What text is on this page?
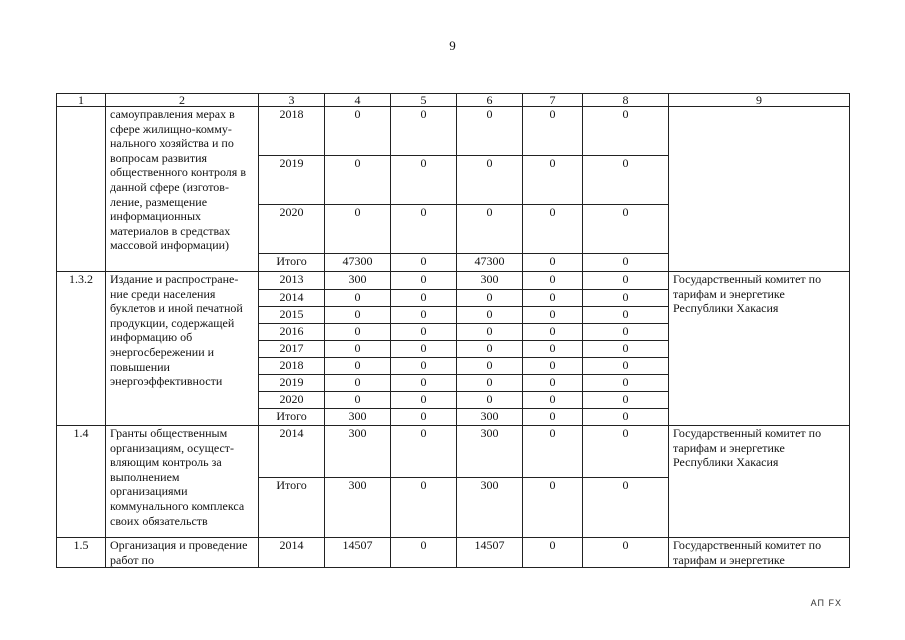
9
1	2	3	4	5	6	7	8	9
	самоуправления мерах в сфере жилищно-комму-нального хозяйства и по вопросам развития общественного контроля в данной сфере (изготов-ление, размещение информационных материалов в средствах массовой информации)	2018	0	0	0	0	0	
		2019	0	0	0	0	0	
		2020	0	0	0	0	0	
		Итого	47300	0	47300	0	0	
1.3.2	Издание и распростране-ние среди населения буклетов и иной печатной продукции, содержащей информацию об энергосбережении и повышении энергоэффективности	2013	300	0	300	0	0	Государственный комитет по тарифам и энергетике Республики Хакасия
		2014	0	0	0	0	0	
		2015	0	0	0	0	0	
		2016	0	0	0	0	0	
		2017	0	0	0	0	0	
		2018	0	0	0	0	0	
		2019	0	0	0	0	0	
		2020	0	0	0	0	0	
		Итого	300	0	300	0	0	
1.4	Гранты общественным организациям, осущест-вляющим контроль за выполнением организациями коммунального комплекса своих обязательств	2014	300	0	300	0	0	Государственный комитет по тарифам и энергетике Республики Хакасия
		Итого	300	0	300	0	0	
1.5	Организация и проведение работ по	2014	14507	0	14507	0	0	Государственный комитет по тарифам и энергетике
АП FX
